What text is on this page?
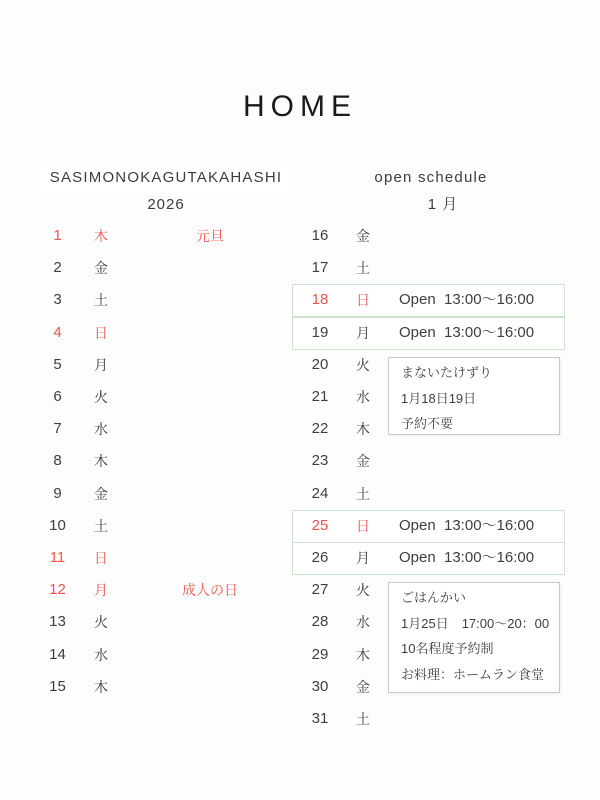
HOME
SASIMONOKAGUTAKAHASHI	open schedule
2026	1 月
1	木	元旦
2	金
3	土
4	日
5	月
6	火
7	水
8	木
9	金
10	土
11	日
12	月	成人の日
13	火
14	水
15	木
16	金
17	土
18	日	Open 13:00〜16:00
19	月	Open 13:00〜16:00
20	火
21	水
22	木
23	金
24	土
25	日	Open 13:00〜16:00
26	月	Open 13:00〜16:00
27	火
28	水
29	木
30	金
31	土
まないたけずり
1月18日19日
予約不要
ごはんかい
1月25日　17:00〜20：00
10名程度予約制
お料理：ホームラン食堂
